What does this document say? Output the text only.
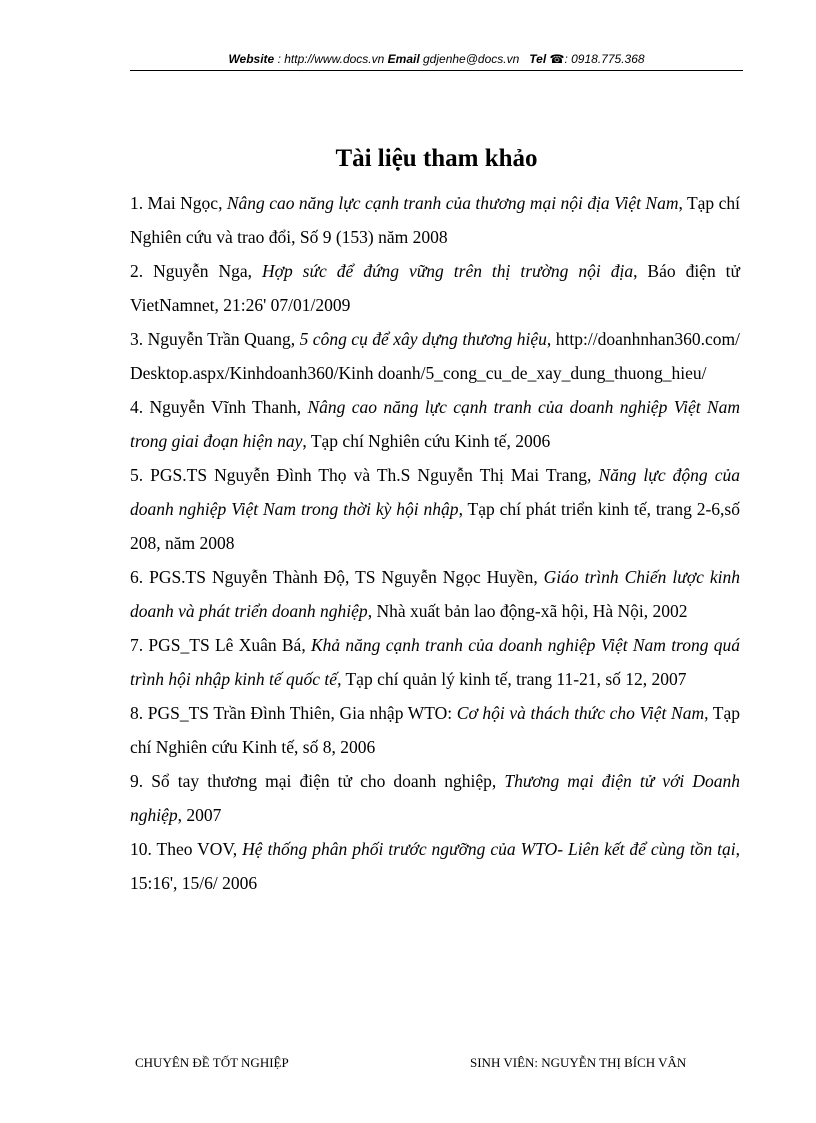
Website : http://www.docs.vn Email gdjenhe@docs.vn Tel ☎: 0918.775.368
Tài liệu tham khảo

1. Mai Ngọc, Nâng cao năng lực cạnh tranh của thương mại nội địa Việt Nam, Tạp chí Nghiên cứu và trao đổi, Số 9 (153) năm 2008

2. Nguyễn Nga, Hợp sức để đứng vững trên thị trường nội địa, Báo điện tử VietNamnet, 21:26' 07/01/2009

3. Nguyễn Trần Quang, 5 công cụ để xây dựng thương hiệu, http://doanhnhan360.com/Desktop.aspx/Kinhdoanh360/Kinh doanh/5_cong_cu_de_xay_dung_thuong_hieu/

4. Nguyễn Vĩnh Thanh, Nâng cao năng lực cạnh tranh của doanh nghiệp Việt Nam trong giai đoạn hiện nay, Tạp chí Nghiên cứu Kinh tế, 2006

5. PGS.TS Nguyễn Đình Thọ và Th.S Nguyễn Thị Mai Trang, Năng lực động của doanh nghiệp Việt Nam trong thời kỳ hội nhập, Tạp chí phát triển kinh tế, trang 2-6,số 208, năm 2008

6. PGS.TS Nguyễn Thành Độ, TS Nguyễn Ngọc Huyền, Giáo trình Chiến lược kinh doanh và phát triển doanh nghiệp, Nhà xuất bản lao động-xã hội, Hà Nội, 2002

7. PGS_TS Lê Xuân Bá, Khả năng cạnh tranh của doanh nghiệp Việt Nam trong quá trình hội nhập kinh tế quốc tế, Tạp chí quản lý kinh tế, trang 11-21, số 12, 2007

8. PGS_TS Trần Đình Thiên, Gia nhập WTO: Cơ hội và thách thức cho Việt Nam, Tạp chí Nghiên cứu Kinh tế, số 8, 2006

9. Sổ tay thương mại điện tử cho doanh nghiệp, Thương mại điện tử với Doanh nghiệp, 2007

10. Theo VOV, Hệ thống phân phối trước ngưỡng của WTO- Liên kết để cùng tồn tại, 15:16', 15/6/ 2006

CHUYÊN ĐỀ TỐT NGHIỆP	SINH VIÊN: NGUYỄN THỊ BÍCH VÂN
